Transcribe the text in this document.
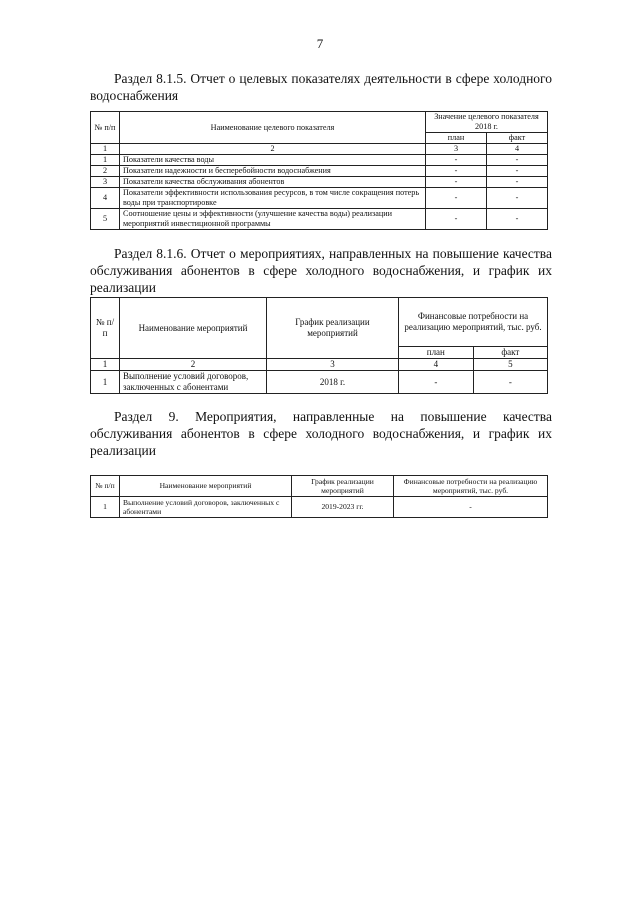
7
Раздел 8.1.5. Отчет о целевых показателях деятельности в сфере холодного водоснабжения
№ п/п	Наименование целевого показателя	Значение целевого показателя 2018 г.	
		план	факт
1	2	3	4
1	Показатели качества воды	-	-
2	Показатели надежности и бесперебойности водоснабжения	-	-
3	Показатели качества обслуживания абонентов	-	-
4	Показатели эффективности использования ресурсов, в том числе сокращения потерь воды при транспортировке	-	-
5	Соотношение цены и эффективности (улучшение качества воды) реализации мероприятий инвестиционной программы	-	-
Раздел 8.1.6. Отчет о мероприятиях, направленных на повышение качества обслуживания абонентов в сфере холодного водоснабжения, и график их реализации
№ п/п	Наименование мероприятий	График реализации мероприятий	Финансовые потребности на реализацию мероприятий, тыс. руб.	
			план	факт
1	2	3	4	5
1	Выполнение условий договоров, заключенных с абонентами	2018 г.	-	-
Раздел 9. Мероприятия, направленные на повышение качества обслуживания абонентов в сфере холодного водоснабжения, и график их реализации
№ п/п	Наименование мероприятий	График реализации мероприятий	Финансовые потребности на реализацию мероприятий, тыс. руб.
1	Выполнение условий договоров, заключенных с абонентами	2019-2023 гг.	-
